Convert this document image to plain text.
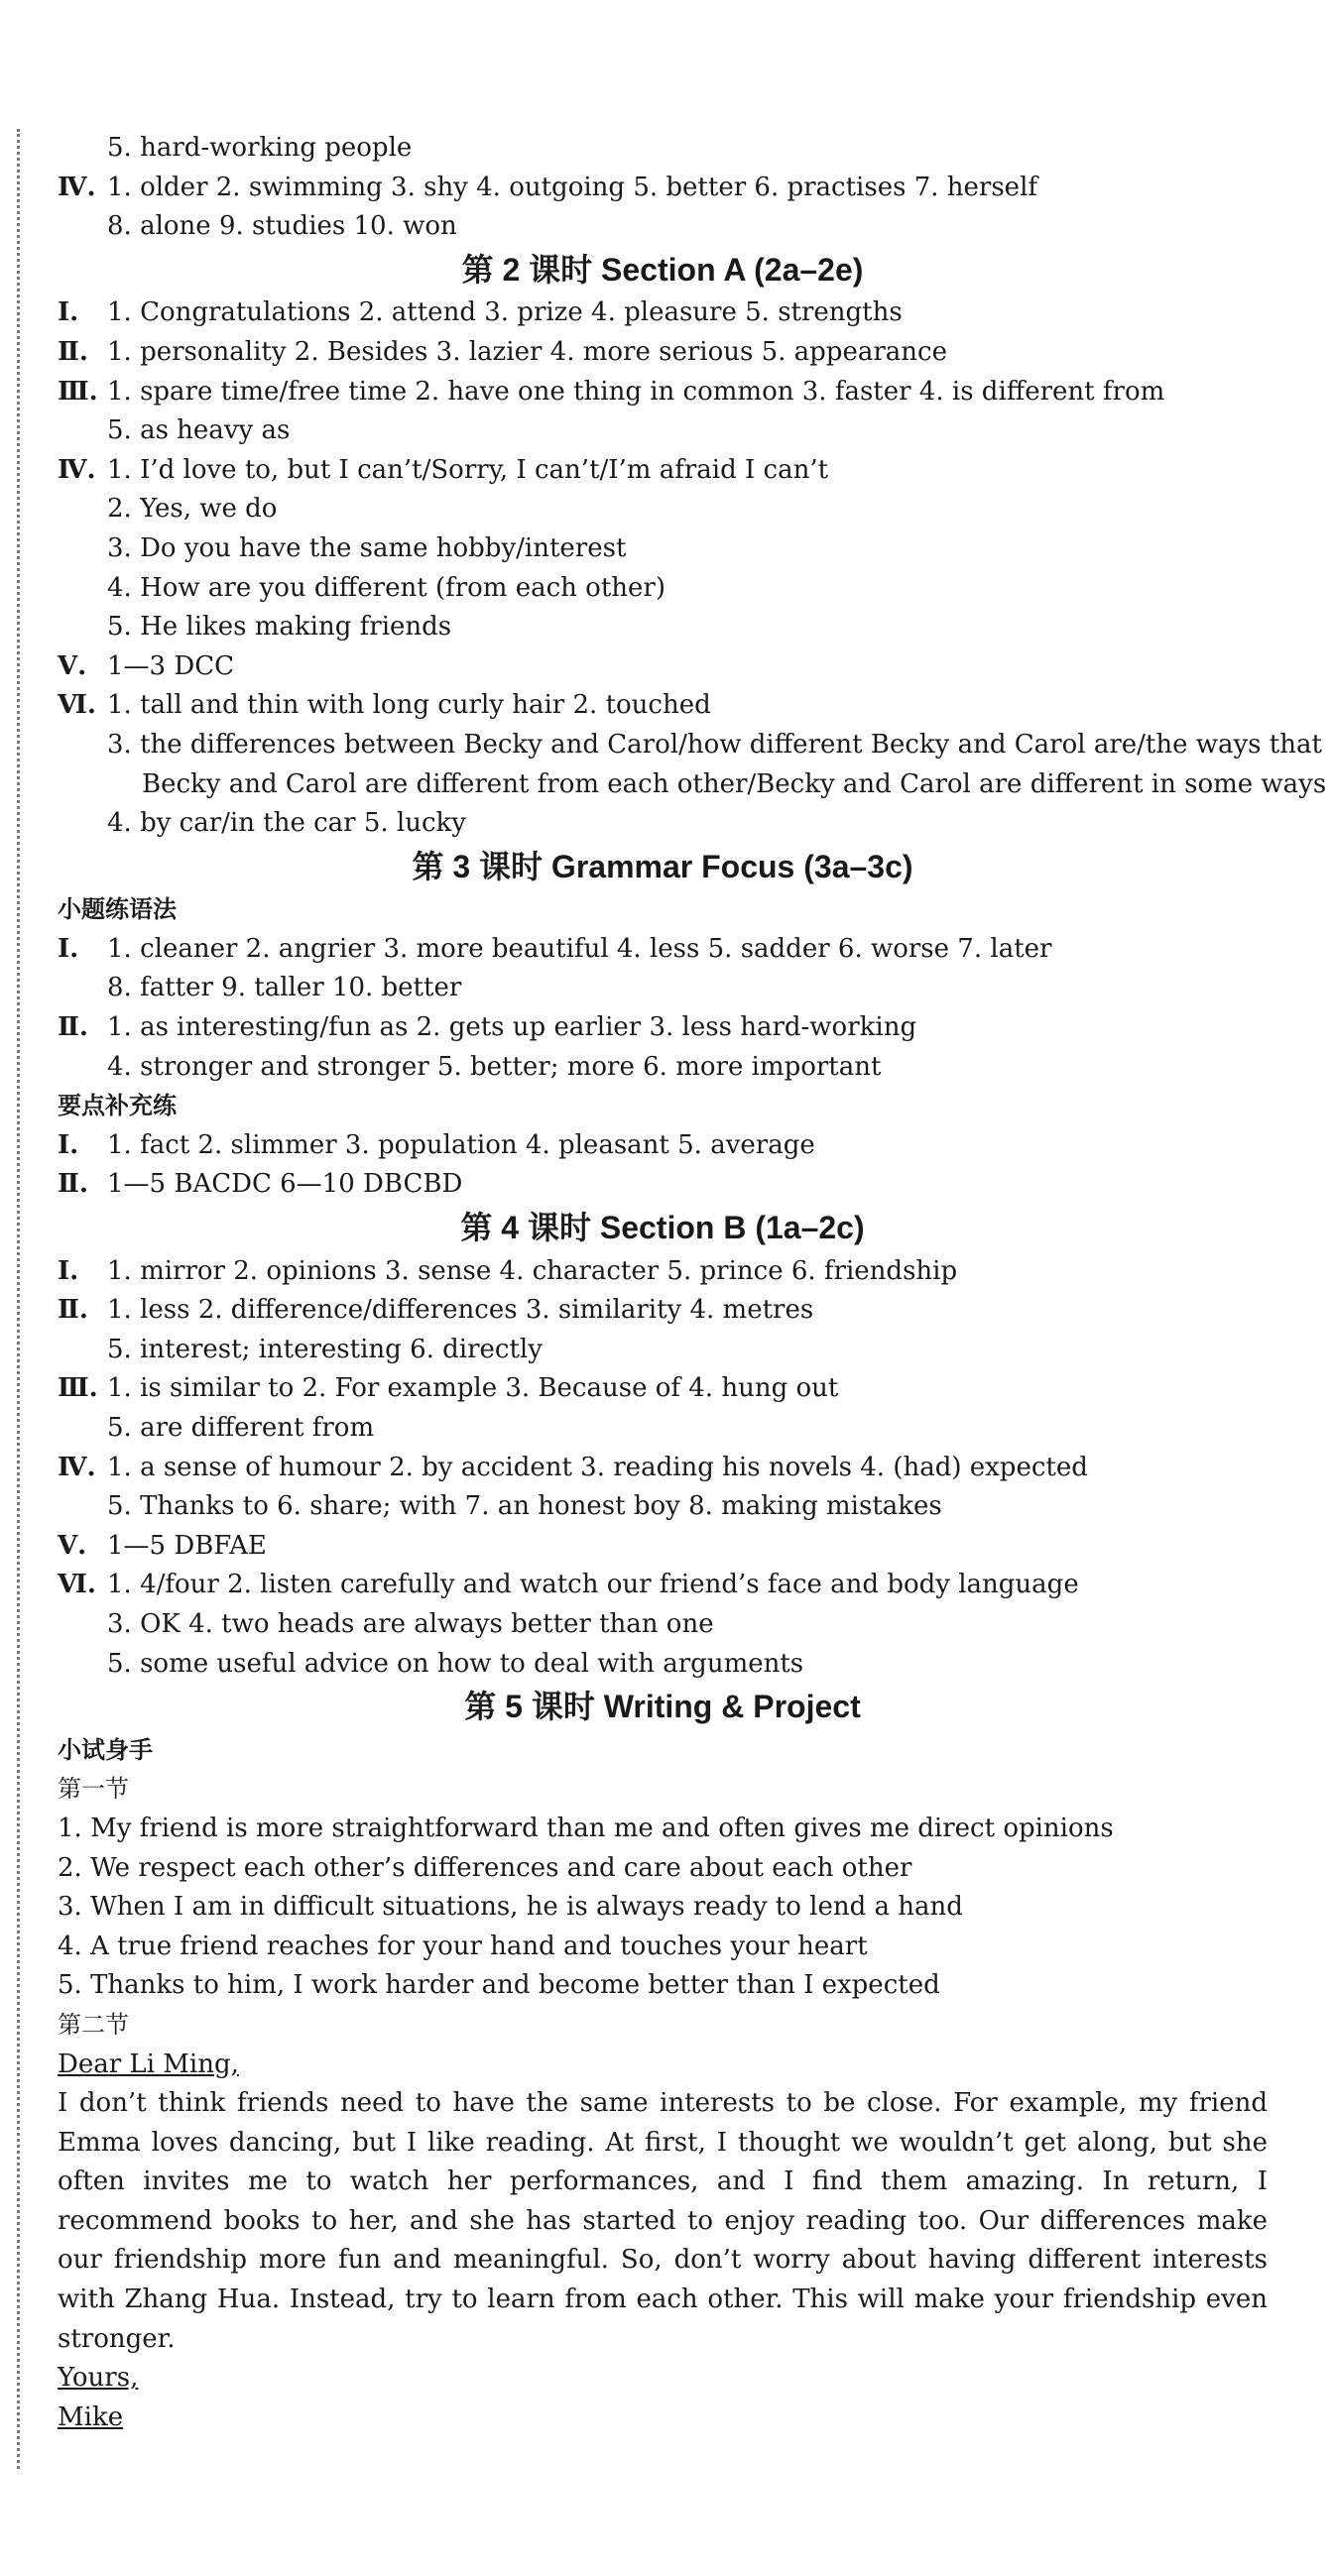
5. hard-working people
Ⅳ. 1. older 2. swimming 3. shy 4. outgoing 5. better 6. practises 7. herself
8. alone 9. studies 10. won
第 2 课时 Section A (2a–2e)
Ⅰ. 1. Congratulations 2. attend 3. prize 4. pleasure 5. strengths
Ⅱ. 1. personality 2. Besides 3. lazier 4. more serious 5. appearance
Ⅲ. 1. spare time/free time 2. have one thing in common 3. faster 4. is different from
5. as heavy as
Ⅳ. 1. I’d love to, but I can’t/Sorry, I can’t/I’m afraid I can’t
2. Yes, we do
3. Do you have the same hobby/interest
4. How are you different (from each other)
5. He likes making friends
Ⅴ. 1—3 DCC
Ⅵ. 1. tall and thin with long curly hair 2. touched
3. the differences between Becky and Carol/how different Becky and Carol are/the ways that
Becky and Carol are different from each other/Becky and Carol are different in some ways
4. by car/in the car 5. lucky
第 3 课时 Grammar Focus (3a–3c)
小题练语法
Ⅰ. 1. cleaner 2. angrier 3. more beautiful 4. less 5. sadder 6. worse 7. later
8. fatter 9. taller 10. better
Ⅱ. 1. as interesting/fun as 2. gets up earlier 3. less hard-working
4. stronger and stronger 5. better; more 6. more important
要点补充练
Ⅰ. 1. fact 2. slimmer 3. population 4. pleasant 5. average
Ⅱ. 1—5 BACDC 6—10 DBCBD
第 4 课时 Section B (1a–2c)
Ⅰ. 1. mirror 2. opinions 3. sense 4. character 5. prince 6. friendship
Ⅱ. 1. less 2. difference/differences 3. similarity 4. metres
5. interest; interesting 6. directly
Ⅲ. 1. is similar to 2. For example 3. Because of 4. hung out
5. are different from
Ⅳ. 1. a sense of humour 2. by accident 3. reading his novels 4. (had) expected
5. Thanks to 6. share; with 7. an honest boy 8. making mistakes
Ⅴ. 1—5 DBFAE
Ⅵ. 1. 4/four 2. listen carefully and watch our friend’s face and body language
3. OK 4. two heads are always better than one
5. some useful advice on how to deal with arguments
第 5 课时 Writing & Project
小试身手
第一节
1. My friend is more straightforward than me and often gives me direct opinions
2. We respect each other’s differences and care about each other
3. When I am in difficult situations, he is always ready to lend a hand
4. A true friend reaches for your hand and touches your heart
5. Thanks to him, I work harder and become better than I expected
第二节
Dear Li Ming,
I don’t think friends need to have the same interests to be close. For example, my friend Emma loves dancing, but I like reading. At first, I thought we wouldn’t get along, but she often invites me to watch her performances, and I find them amazing. In return, I recommend books to her, and she has started to enjoy reading too. Our differences make our friendship more fun and meaningful. So, don’t worry about having different interests with Zhang Hua. Instead, try to learn from each other. This will make your friendship even stronger.
Yours,
Mike
